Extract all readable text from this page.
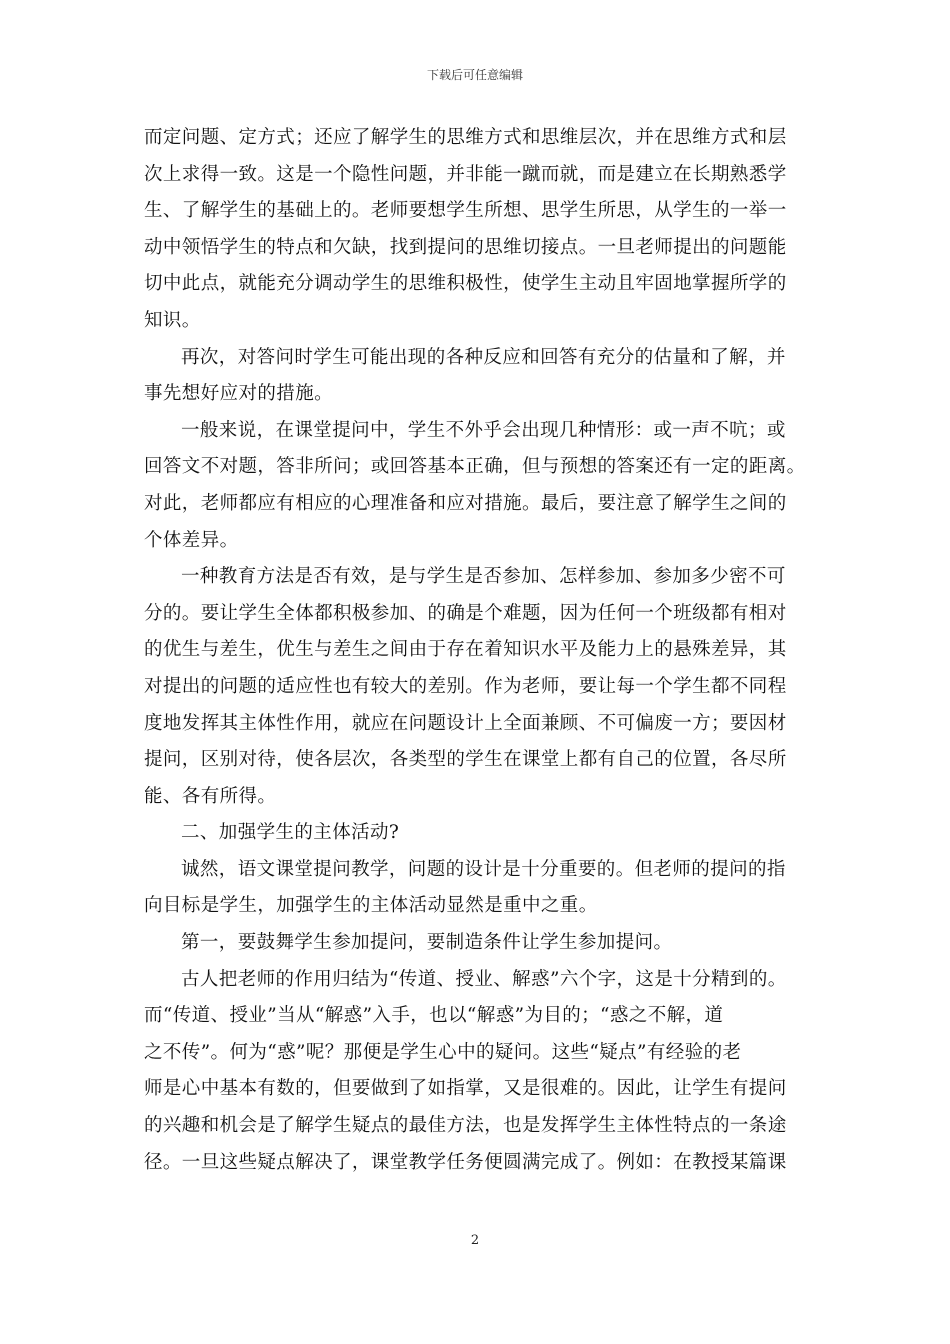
下载后可任意编辑
而定问题、定方式；还应了解学生的思维方式和思维层次，并在思维方式和层
次上求得一致。这是一个隐性问题，并非能一蹴而就，而是建立在长期熟悉学
生、了解学生的基础上的。老师要想学生所想、思学生所思，从学生的一举一
动中领悟学生的特点和欠缺，找到提问的思维切接点。一旦老师提出的问题能
切中此点，就能充分调动学生的思维积极性，使学生主动且牢固地掌握所学的
知识。
再次，对答问时学生可能出现的各种反应和回答有充分的估量和了解，并
事先想好应对的措施。
一般来说，在课堂提问中，学生不外乎会出现几种情形：或一声不吭；或
回答文不对题，答非所问；或回答基本正确，但与预想的答案还有一定的距离。
对此，老师都应有相应的心理准备和应对措施。最后，要注意了解学生之间的
个体差异。
一种教育方法是否有效，是与学生是否参加、怎样参加、参加多少密不可
分的。要让学生全体都积极参加、的确是个难题，因为任何一个班级都有相对
的优生与差生，优生与差生之间由于存在着知识水平及能力上的悬殊差异，其
对提出的问题的适应性也有较大的差别。作为老师，要让每一个学生都不同程
度地发挥其主体性作用，就应在问题设计上全面兼顾、不可偏废一方；要因材
提问，区别对待，使各层次，各类型的学生在课堂上都有自己的位置，各尽所
能、各有所得。
二、加强学生的主体活动?
诚然，语文课堂提问教学，问题的设计是十分重要的。但老师的提问的指
向目标是学生，加强学生的主体活动显然是重中之重。
第一，要鼓舞学生参加提问，要制造条件让学生参加提问。
古人把老师的作用归结为“传道、授业、解惑”六个字，这是十分精到的。
而“传道、授业”当从“解惑”入手，也以“解惑”为目的；“惑之不解，道
之不传”。何为“惑”呢？那便是学生心中的疑问。这些“疑点”有经验的老
师是心中基本有数的，但要做到了如指掌，又是很难的。因此，让学生有提问
的兴趣和机会是了解学生疑点的最佳方法，也是发挥学生主体性特点的一条途
径。一旦这些疑点解决了，课堂教学任务便圆满完成了。例如：在教授某篇课
2
